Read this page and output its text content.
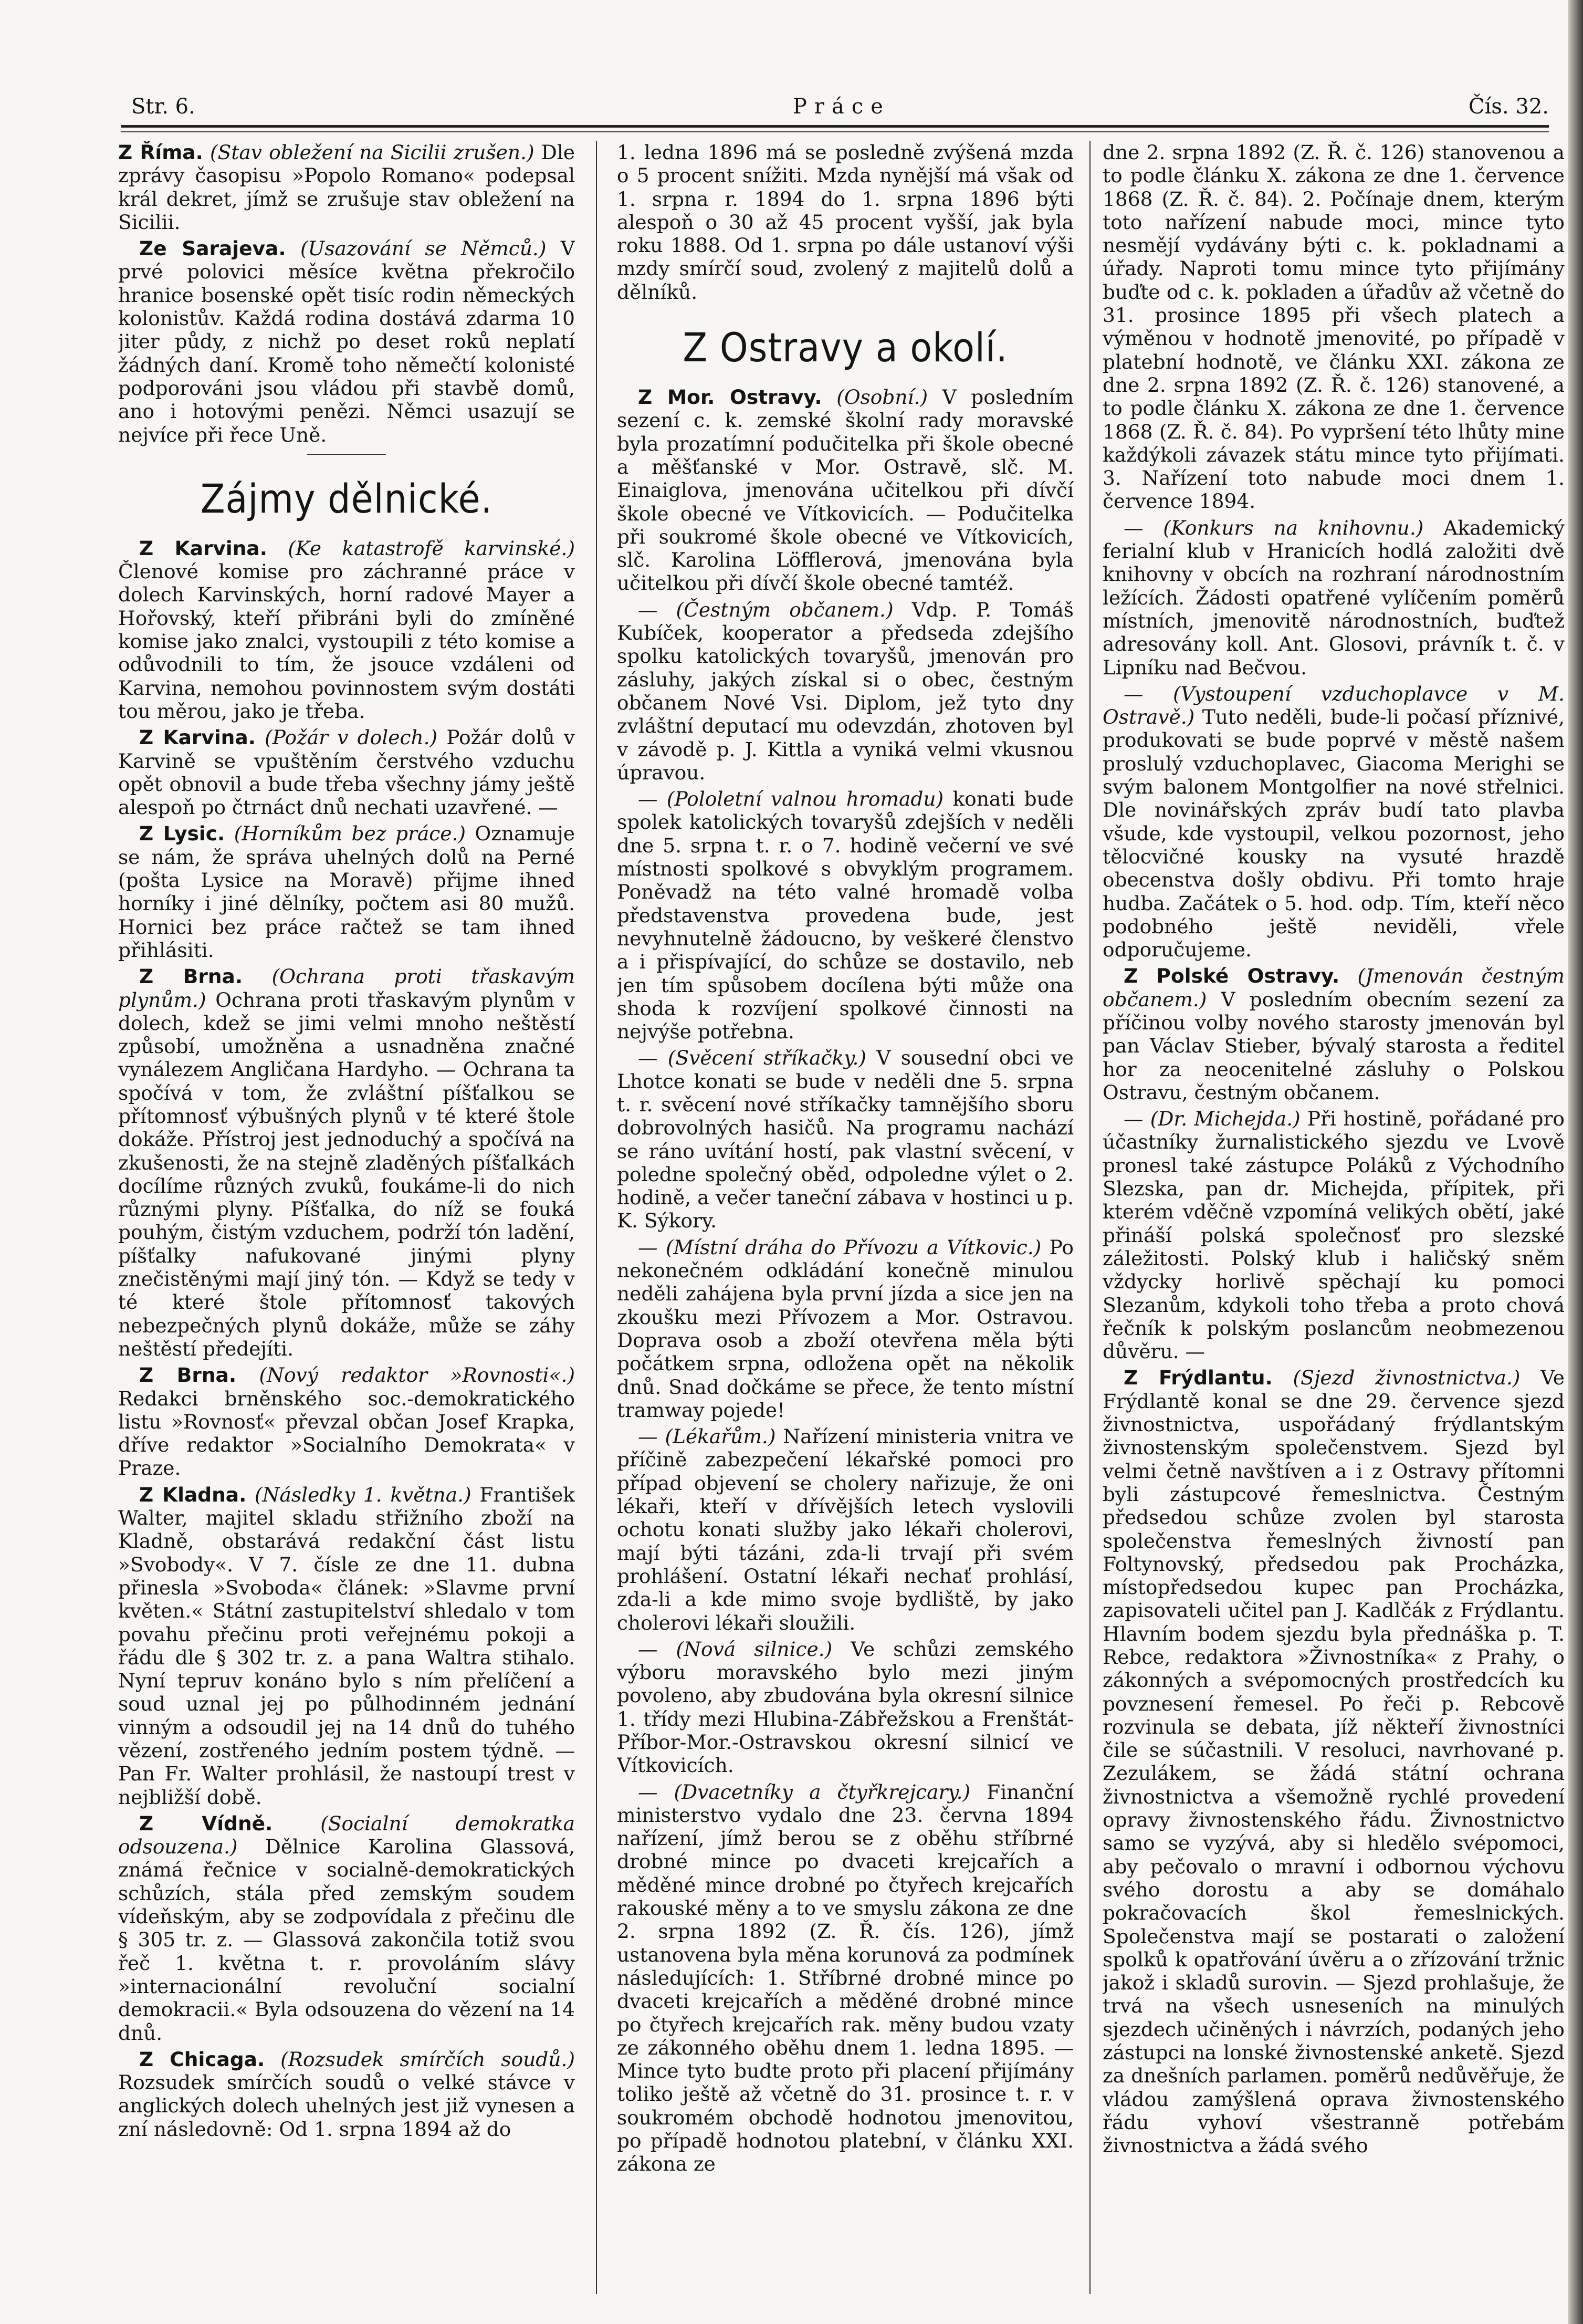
Str. 6.	Práce	Čís. 32.

Z Říma. (Stav obležení na Sicilii zrušen.) Dle zprávy časopisu »Popolo Romano« podepsal král dekret, jímž se zrušuje stav obležení na Sicilii.

Ze Sarajeva. (Usazování se Němců.) V prvé polovici měsíce května překročilo hranice bosenské opět tisíc rodin německých kolonistův. Každá rodina dostává zdarma 10 jiter půdy, z nichž po deset roků neplatí žádných daní. Kromě toho němečtí kolonisté podporováni jsou vládou při stavbě domů, ano i hotovými penězi. Němci usazují se nejvíce při řece Uně.

Zájmy dělnické.

Z Karvina. (Ke katastrofě karvinské.) Členové komise pro záchranné práce v dolech Karvinských, horní radové Mayer a Hořovský, kteří přibráni byli do zmíněné komise jako znalci, vystoupili z této komise a odůvodnili to tím, že jsouce vzdáleni od Karvina, nemohou povinnostem svým dostáti tou měrou, jako je třeba.

Z Karvina. (Požár v dolech.) Požár dolů v Karvině se vpuštěním čerstvého vzduchu opět obnovil a bude třeba všechny jámy ještě alespoň po čtrnáct dnů nechati uzavřené. —

Z Lysic. (Horníkům bez práce.) Oznamuje se nám, že správa uhelných dolů na Perné (pošta Lysice na Moravě) přijme ihned horníky i jiné dělníky, počtem asi 80 mužů. Hornici bez práce račtež se tam ihned přihlásiti.

Z Brna. (Ochrana proti třaskavým plynům.) Ochrana proti třaskavým plynům v dolech, kdež se jimi velmi mnoho neštěstí způsobí, umožněna a usnadněna značné vynálezem Angličana Hardyho. — Ochrana ta spočívá v tom, že zvláštní píšťalkou se přítomnosť výbušných plynů v té které štole dokáže. Přístroj jest jednoduchý a spočívá na zkušenosti, že na stejně zladěných píšťalkách docílíme různých zvuků, foukáme-li do nich různými plyny. Píšťalka, do níž se fouká pouhým, čistým vzduchem, podrží tón ladění, píšťalky nafukované jinými plyny znečistěnými mají jiný tón. — Když se tedy v té které štole přítomnosť takových nebezpečných plynů dokáže, může se záhy neštěstí předejíti.

Z Brna. (Nový redaktor »Rovnosti«.) Redakci brněnského soc.-demokratického listu »Rovnosť« převzal občan Josef Krapka, dříve redaktor »Socialního Demokrata« v Praze.

Z Kladna. (Následky 1. května.) František Walter, majitel skladu střižního zboží na Kladně, obstarává redakční část listu »Svobody«. V 7. čísle ze dne 11. dubna přinesla »Svoboda« článek: »Slavme první květen.« Státní zastupitelství shledalo v tom povahu přečinu proti veřejnému pokoji a řádu dle § 302 tr. z. a pana Waltra stihalo. Nyní tepruv konáno bylo s ním přelíčení a soud uznal jej po půlhodinném jednání vinným a odsoudil jej na 14 dnů do tuhého vězení, zostřeného jedním postem týdně. — Pan Fr. Walter prohlásil, že nastoupí trest v nejbližší době.

Z Vídně. (Socialní demokratka odsouzena.) Dělnice Karolina Glassová, známá řečnice v socialně-demokratických schůzích, stála před zemským soudem vídeňským, aby se zodpovídala z přečinu dle § 305 tr. z. — Glassová zakončila totiž svou řeč 1. května t. r. provoláním slávy »internacionální revoluční socialní demokracii.« Byla odsouzena do vězení na 14 dnů.

Z Chicaga. (Rozsudek smírčích soudů.) Rozsudek smírčích soudů o velké stávce v anglických dolech uhelných jest již vynesen a zní následovně: Od 1. srpna 1894 až do

1. ledna 1896 má se posledně zvýšená mzda o 5 procent snížiti. Mzda nynější má však od 1. srpna r. 1894 do 1. srpna 1896 býti alespoň o 30 až 45 procent vyšší, jak byla roku 1888. Od 1. srpna po dále ustanoví výši mzdy smírčí soud, zvolený z majitelů dolů a dělníků.

Z Ostravy a okolí.

Z Mor. Ostravy. (Osobní.) V posledním sezení c. k. zemské školní rady moravské byla prozatímní podučitelka při škole obecné a měšťanské v Mor. Ostravě, slč. M. Einaiglova, jmenována učitelkou při dívčí škole obecné ve Vítkovicích. — Podučitelka při soukromé škole obecné ve Vítkovicích, slč. Karolina Löfflerová, jmenována byla učitelkou při dívčí škole obecné tamtéž.

— (Čestným občanem.) Vdp. P. Tomáš Kubíček, kooperator a předseda zdejšího spolku katolických tovaryšů, jmenován pro zásluhy, jakých získal si o obec, čestným občanem Nové Vsi. Diplom, jež tyto dny zvláštní deputací mu odevzdán, zhotoven byl v závodě p. J. Kittla a vyniká velmi vkusnou úpravou.

— (Pololetní valnou hromadu) konati bude spolek katolických tovaryšů zdejších v neděli dne 5. srpna t. r. o 7. hodině večerní ve své místnosti spolkové s obvyklým programem. Poněvadž na této valné hromadě volba představenstva provedena bude, jest nevyhnutelně žádoucno, by veškeré členstvo a i přispívající, do schůze se dostavilo, neb jen tím spůsobem docílena býti může ona shoda k rozvíjení spolkové činnosti na nejvýše potřebna.

— (Svěcení stříkačky.) V sousední obci ve Lhotce konati se bude v neděli dne 5. srpna t. r. svěcení nové stříkačky tamnějšího sboru dobrovolných hasičů. Na programu nachází se ráno uvítání hostí, pak vlastní svěcení, v poledne společný oběd, odpoledne výlet o 2. hodině, a večer taneční zábava v hostinci u p. K. Sýkory.

— (Místní dráha do Přívozu a Vítkovic.) Po nekonečném odkládání konečně minulou neděli zahájena byla první jízda a sice jen na zkoušku mezi Přívozem a Mor. Ostravou. Doprava osob a zboží otevřena měla býti počátkem srpna, odložena opět na několik dnů. Snad dočkáme se přece, že tento místní tramway pojede!

— (Lékařům.) Nařízení ministeria vnitra ve příčině zabezpečení lékařské pomoci pro případ objevení se cholery nařizuje, že oni lékaři, kteří v dřívějších letech vyslovili ochotu konati služby jako lékaři cholerovi, mají býti tázáni, zda-li trvají při svém prohlášení. Ostatní lékaři nechať prohlásí, zda-li a kde mimo svoje bydliště, by jako cholerovi lékaři sloužili.

— (Nová silnice.) Ve schůzi zemského výboru moravského bylo mezi jiným povoleno, aby zbudována byla okresní silnice 1. třídy mezi Hlubina-Zábřežskou a Frenštát-Příbor-Mor.-Ostravskou okresní silnicí ve Vítkovicích.

— (Dvacetníky a čtyřkrejcary.) Finanční ministerstvo vydalo dne 23. června 1894 nařízení, jímž berou se z oběhu stříbrné drobné mince po dvaceti krejcařích a měděné mince drobné po čtyřech krejcařích rakouské měny a to ve smyslu zákona ze dne 2. srpna 1892 (Z. Ř. čís. 126), jímž ustanovena byla měna korunová za podmínek následujících: 1. Stříbrné drobné mince po dvaceti krejcařích a měděné drobné mince po čtyřech krejcařích rak. měny budou vzaty ze zákonného oběhu dnem 1. ledna 1895. — Mince tyto budte proto při placení přijímány toliko ještě až včetně do 31. prosince t. r. v soukromém obchodě hodnotou jmenovitou, po případě hodnotou platební, v článku XXI. zákona ze

dne 2. srpna 1892 (Z. Ř. č. 126) stanovenou a to podle článku X. zákona ze dne 1. července 1868 (Z. Ř. č. 84). 2. Počínaje dnem, kterým toto nařízení nabude moci, mince tyto nesmějí vydávány býti c. k. pokladnami a úřady. Naproti tomu mince tyto přijímány buďte od c. k. pokladen a úřadův až včetně do 31. prosince 1895 při všech platech a výměnou v hodnotě jmenovité, po případě v platební hodnotě, ve článku XXI. zákona ze dne 2. srpna 1892 (Z. Ř. č. 126) stanovené, a to podle článku X. zákona ze dne 1. července 1868 (Z. Ř. č. 84). Po vypršení této lhůty mine každýkoli závazek státu mince tyto přijímati. 3. Nařízení toto nabude moci dnem 1. července 1894.

— (Konkurs na knihovnu.) Akademický ferialní klub v Hranicích hodlá založiti dvě knihovny v obcích na rozhraní národnostním ležících. Žádosti opatřené vylíčením poměrů místních, jmenovitě národnostních, buďtež adresovány koll. Ant. Glosovi, právník t. č. v Lipníku nad Bečvou.

— (Vystoupení vzduchoplavce v M. Ostravě.) Tuto neděli, bude-li počasí příznivé, produkovati se bude poprvé v městě našem proslulý vzduchoplavec, Giacoma Merighi se svým balonem Montgolfier na nové střelnici. Dle novinářských zpráv budí tato plavba všude, kde vystoupil, velkou pozornost, jeho tělocvičné kousky na vysuté hrazdě obecenstva došly obdivu. Při tomto hraje hudba. Začátek o 5. hod. odp. Tím, kteří něco podobného ještě neviděli, vřele odporučujeme.

Z Polské Ostravy. (Jmenován čestným občanem.) V posledním obecním sezení za příčinou volby nového starosty jmenován byl pan Václav Stieber, bývalý starosta a ředitel hor za neocenitelné zásluhy o Polskou Ostravu, čestným občanem.

— (Dr. Michejda.) Při hostině, pořádané pro účastníky žurnalistického sjezdu ve Lvově pronesl také zástupce Poláků z Východního Slezska, pan dr. Michejda, přípitek, při kterém vděčně vzpomíná velikých obětí, jaké přináší polská společnosť pro slezské záležitosti. Polský klub i haličský sněm vždycky horlivě spěchají ku pomoci Slezanům, kdykoli toho třeba a proto chová řečník k polským poslancům neobmezenou důvěru. —

Z Frýdlantu. (Sjezd živnostnictva.) Ve Frýdlantě konal se dne 29. července sjezd živnostnictva, uspořádaný frýdlantským živnostenským společenstvem. Sjezd byl velmi četně navštíven a i z Ostravy přítomni byli zástupcové řemeslnictva. Čestným předsedou schůze zvolen byl starosta společenstva řemeslných živností pan Foltynovský, předsedou pak Procházka, místopředsedou kupec pan Procházka, zapisovateli učitel pan J. Kadlčák z Frýdlantu. Hlavním bodem sjezdu byla přednáška p. T. Rebce, redaktora »Živnostníka« z Prahy, o zákonných a svépomocných prostředcích ku povznesení řemesel. Po řeči p. Rebcově rozvinula se debata, jíž někteří živnostníci čile se súčastnili. V resoluci, navrhované p. Zezulákem, se žádá státní ochrana živnostnictva a všemožně rychlé provedení opravy živnostenského řádu. Živnostnictvo samo se vyzývá, aby si hledělo svépomoci, aby pečovalo o mravní i odbornou výchovu svého dorostu a aby se domáhalo pokračovacích škol řemeslnických. Společenstva mají se postarati o založení spolků k opatřování úvěru a o zřízování tržnic jakož i skladů surovin. — Sjezd prohlašuje, že trvá na všech usneseních na minulých sjezdech učiněných i návrzích, podaných jeho zástupci na lonské živnostenské anketě. Sjezd za dnešních parlamen. poměrů nedůvěřuje, že vládou zamýšlená oprava živnostenského řádu vyhoví všestranně potřebám živnostnictva a žádá svého
